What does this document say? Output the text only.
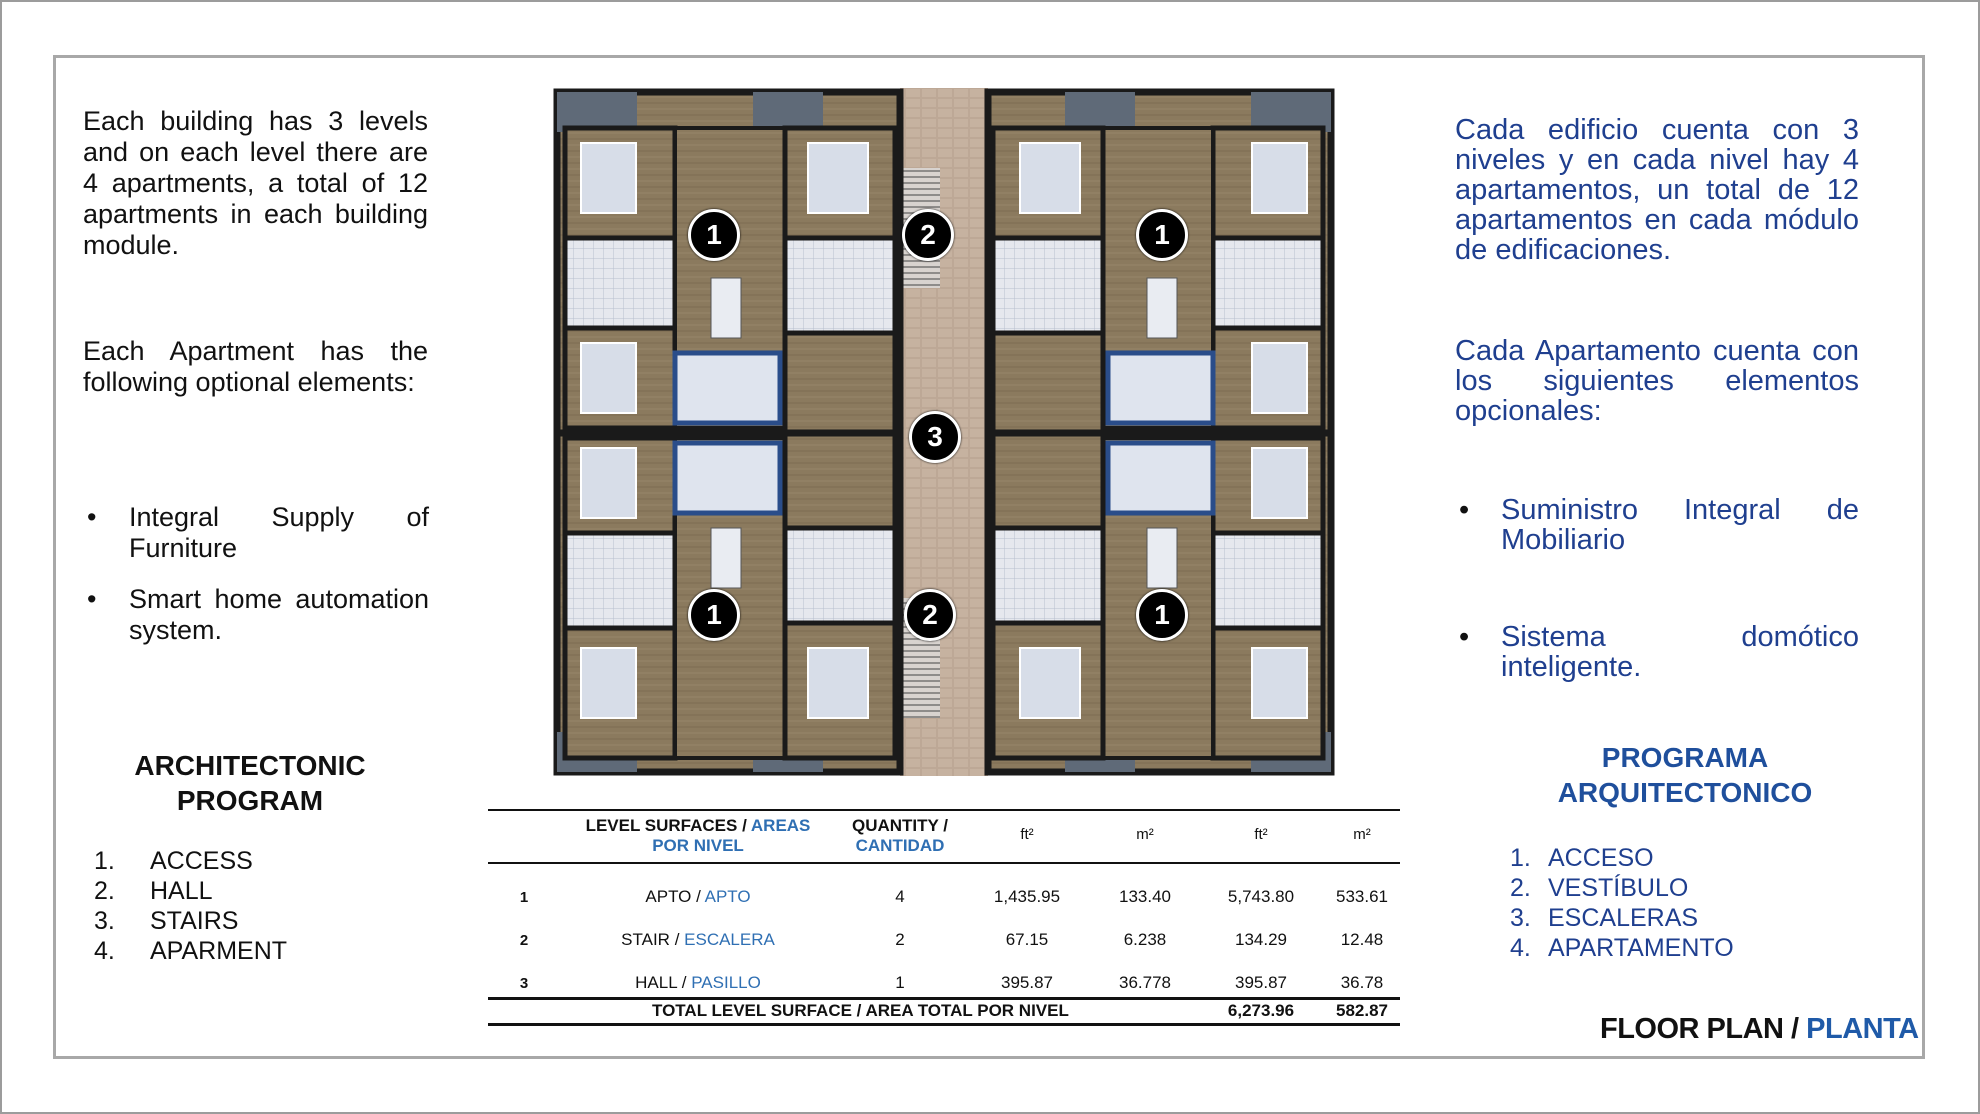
Each building has 3 levels and on each level there are 4 apartments, a total of 12 apartments in each building module.
Each Apartment has the following optional elements:
• Integral Supply of Furniture
• Smart home automation system.
ARCHITECTONIC
PROGRAM
1.	ACCESS
2.	HALL
3.	STAIRS
4.	APARMENT
Cada edificio cuenta con 3 niveles y en cada nivel hay 4 apartamentos, un total de 12 apartamentos en cada módulo de edificaciones.
Cada Apartamento cuenta con los siguientes elementos opcionales:
• Suministro Integral de Mobiliario
• Sistema domótico inteligente.
PROGRAMA
ARQUITECTONICO
1. ACCESO
2. VESTÍBULO
3. ESCALERAS
4. APARTAMENTO
1	2	1
3
1	2	1
LEVEL SURFACES / AREAS
POR NIVEL
QUANTITY /
CANTIDAD
ft²	m²	ft²	m²
1	APTO / APTO	4	1,435.95	133.40	5,743.80	533.61
2	STAIR / ESCALERA	2	67.15	6.238	134.29	12.48
3	HALL / PASILLO	1	395.87	36.778	395.87	36.78
TOTAL LEVEL SURFACE / AREA TOTAL POR NIVEL	6,273.96	582.87
FLOOR PLAN / PLANTA
